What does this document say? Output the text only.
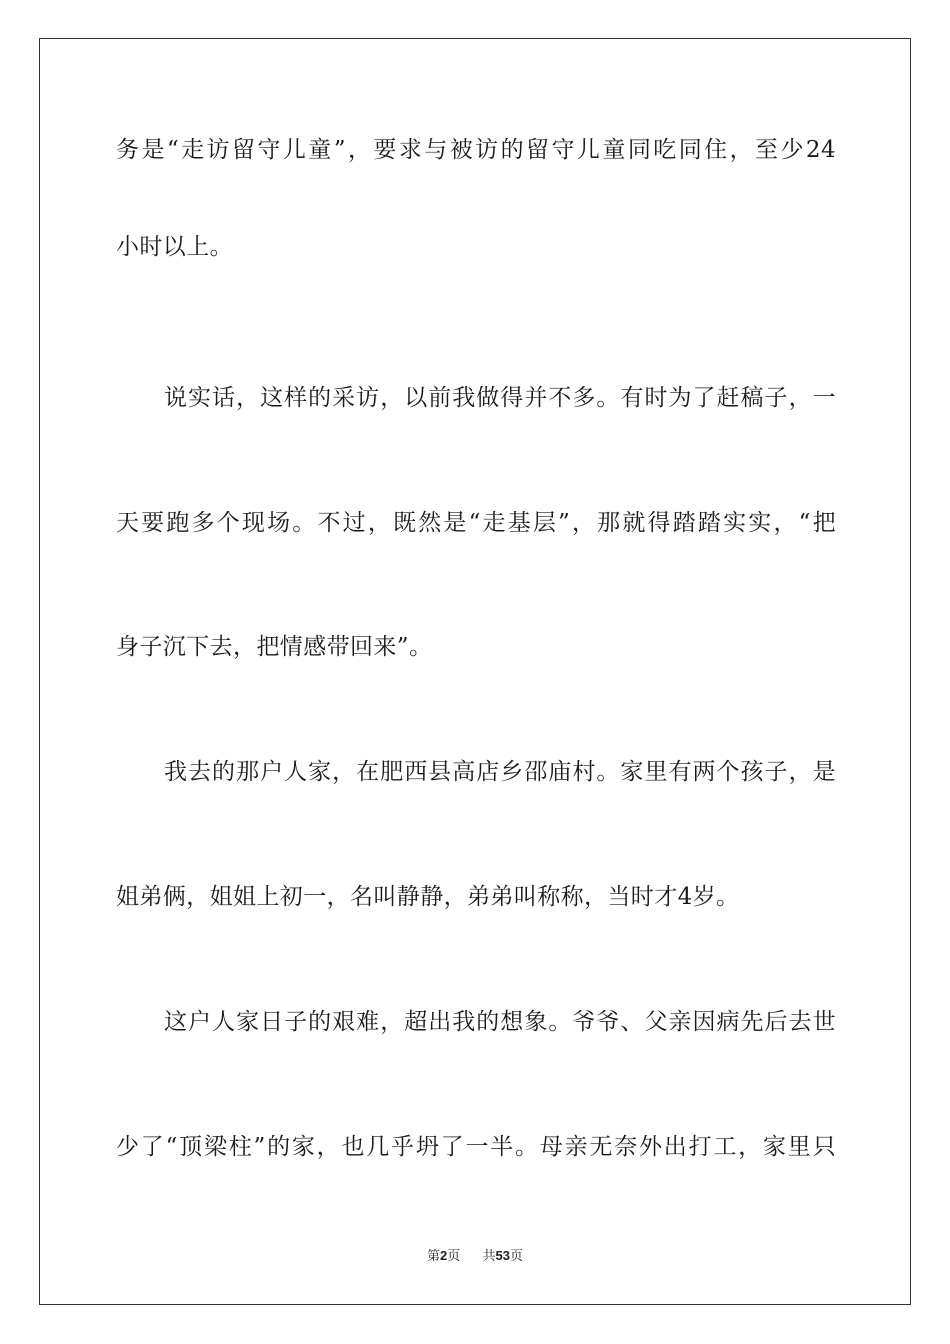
务是“走访留守儿童”，要求与被访的留守儿童同吃同住，至少24
小时以上。
说实话，这样的采访，以前我做得并不多。有时为了赶稿子，一
天要跑多个现场。不过，既然是“走基层”，那就得踏踏实实，“把
身子沉下去，把情感带回来”。
我去的那户人家，在肥西县高店乡邵庙村。家里有两个孩子，是
姐弟俩，姐姐上初一，名叫静静，弟弟叫称称，当时才4岁。
这户人家日子的艰难，超出我的想象。爷爷、父亲因病先后去世
少了“顶梁柱”的家，也几乎坍了一半。母亲无奈外出打工，家里只
第2页 共53页
